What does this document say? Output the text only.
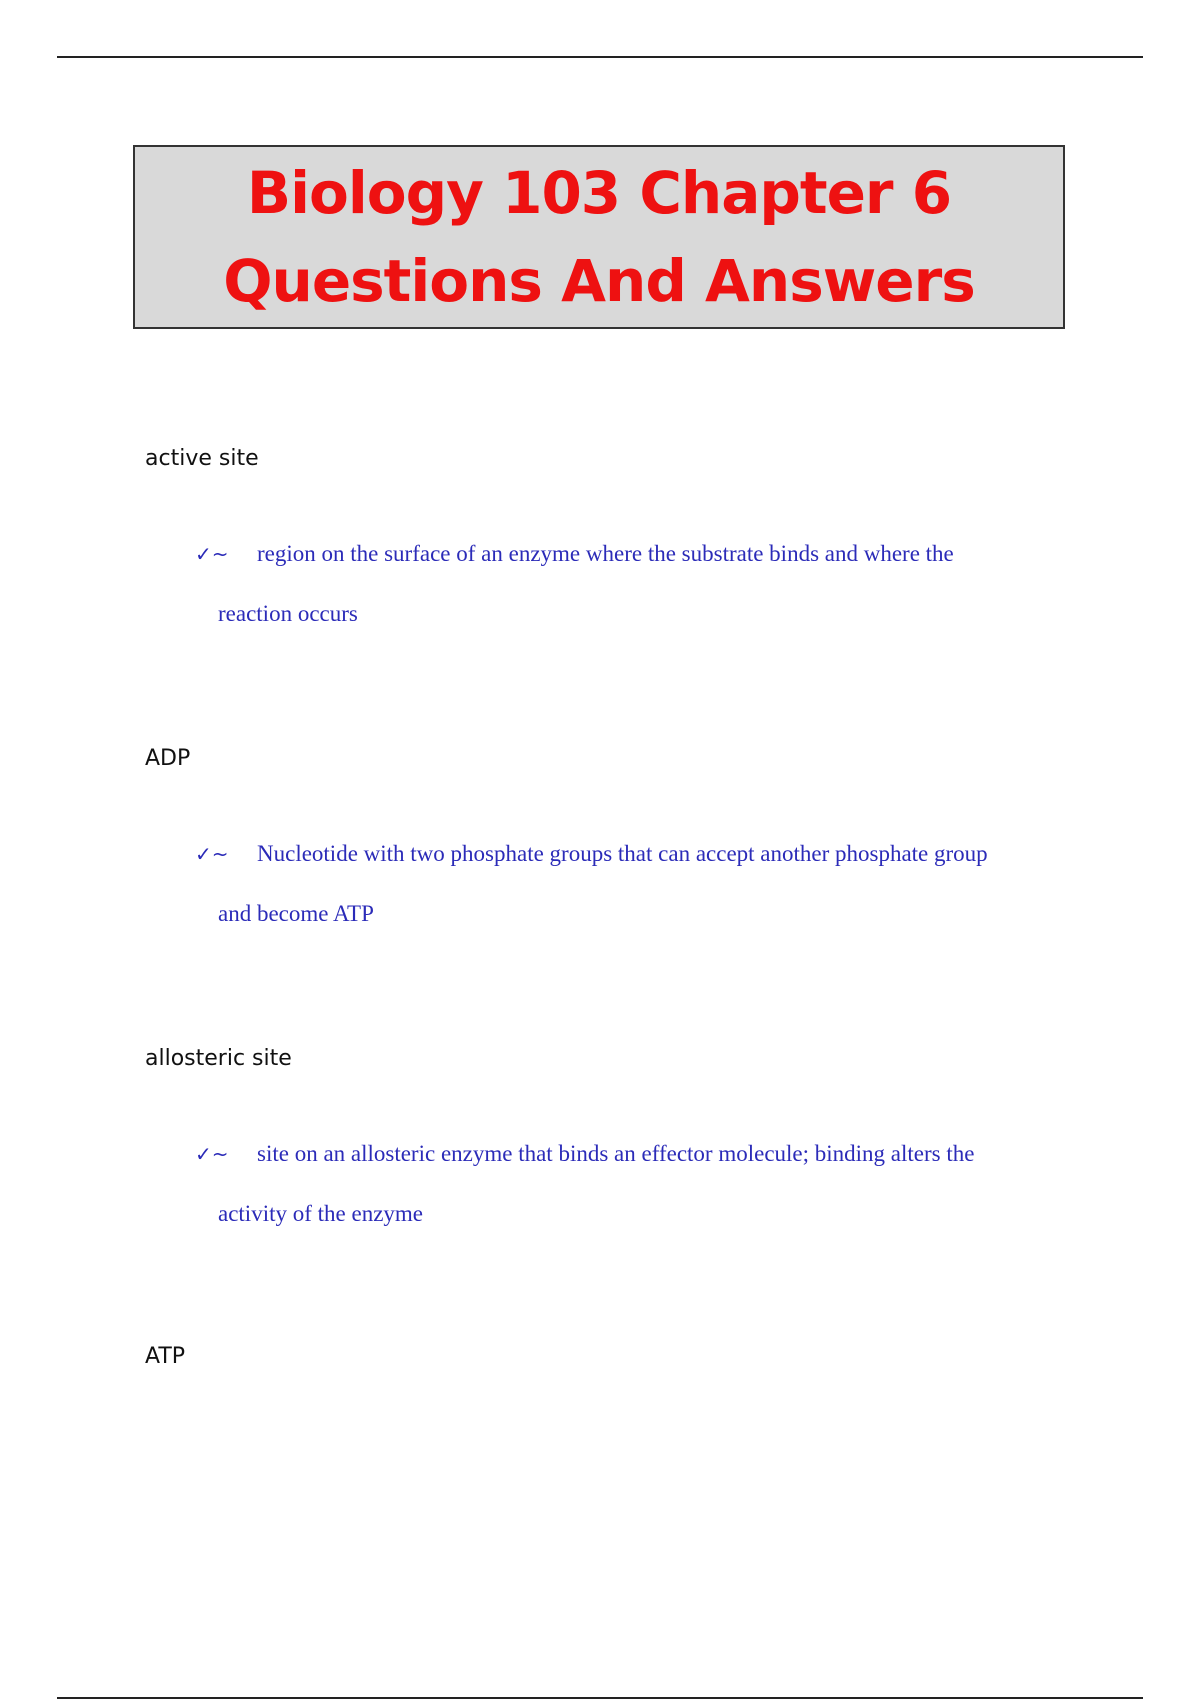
Biology 103 Chapter 6
Questions And Answers
active site
✓~	region on the surface of an enzyme where the substrate binds and where the
reaction occurs
ADP
✓~	Nucleotide with two phosphate groups that can accept another phosphate group
and become ATP
allosteric site
✓~	site on an allosteric enzyme that binds an effector molecule; binding alters the
activity of the enzyme
ATP
